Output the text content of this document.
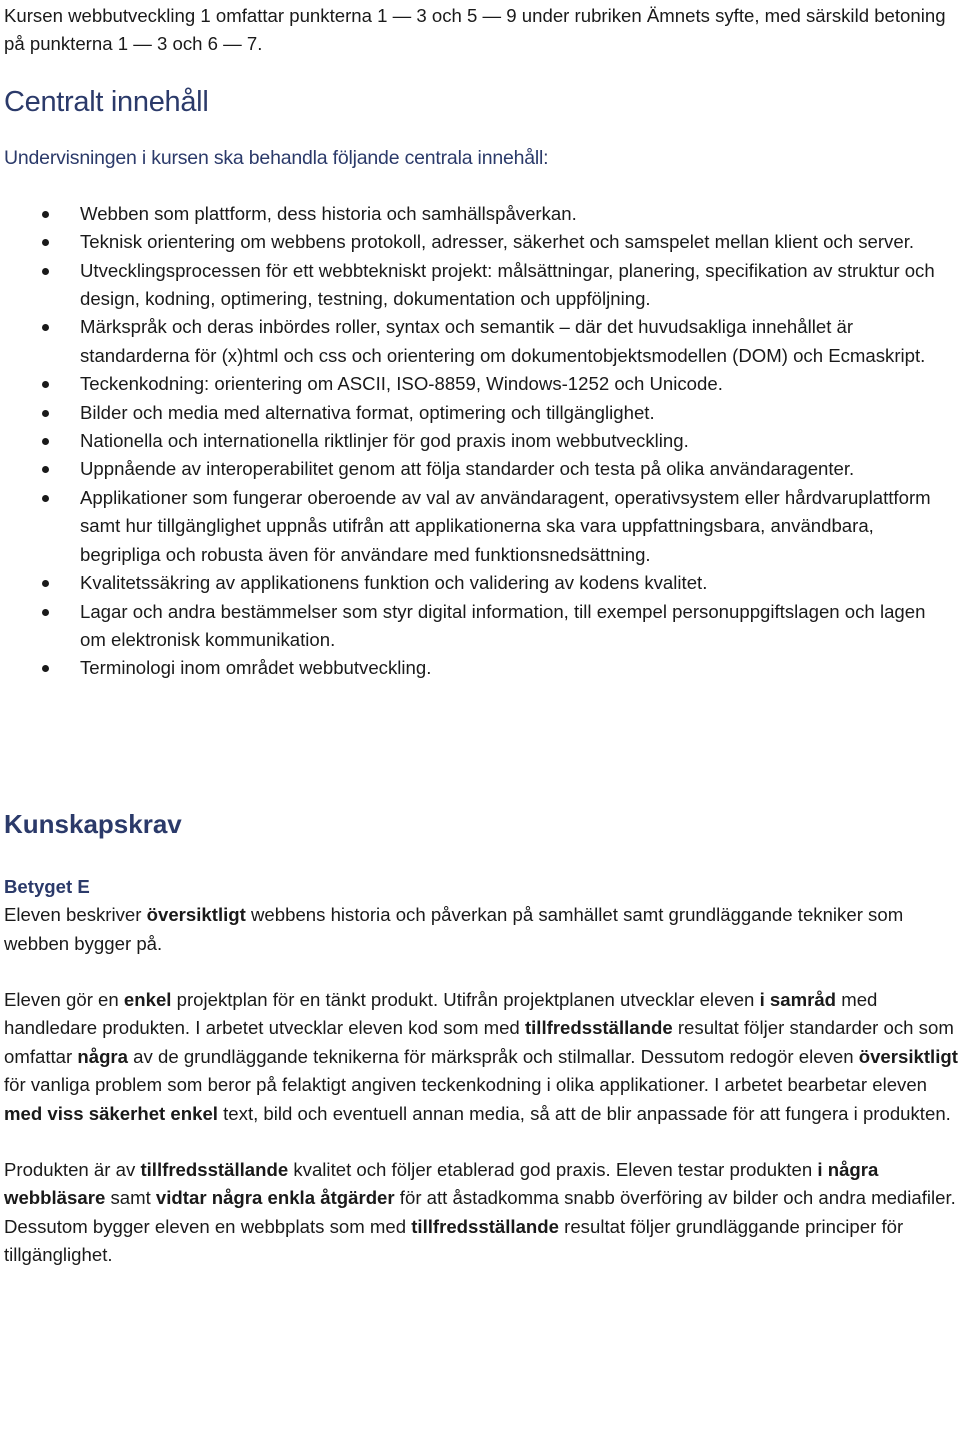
Kursen webbutveckling 1 omfattar punkterna 1 — 3 och 5 — 9 under rubriken Ämnets syfte, med särskild betoning på punkterna 1 — 3 och 6 — 7.

Centralt innehåll

Undervisningen i kursen ska behandla följande centrala innehåll:

Webben som plattform, dess historia och samhällspåverkan.
Teknisk orientering om webbens protokoll, adresser, säkerhet och samspelet mellan klient och server.
Utvecklingsprocessen för ett webbtekniskt projekt: målsättningar, planering, specifikation av struktur och design, kodning, optimering, testning, dokumentation och uppföljning.
Märkspråk och deras inbördes roller, syntax och semantik – där det huvudsakliga innehållet är standarderna för (x)html och css och orientering om dokumentobjektsmodellen (DOM) och Ecmaskript.
Teckenkodning: orientering om ASCII, ISO-8859, Windows-1252 och Unicode.
Bilder och media med alternativa format, optimering och tillgänglighet.
Nationella och internationella riktlinjer för god praxis inom webbutveckling.
Uppnående av interoperabilitet genom att följa standarder och testa på olika användaragenter.
Applikationer som fungerar oberoende av val av användaragent, operativsystem eller hårdvaruplattform samt hur tillgänglighet uppnås utifrån att applikationerna ska vara uppfattningsbara, användbara, begripliga och robusta även för användare med funktionsnedsättning.
Kvalitetssäkring av applikationens funktion och validering av kodens kvalitet.
Lagar och andra bestämmelser som styr digital information, till exempel personuppgiftslagen och lagen om elektronisk kommunikation.
Terminologi inom området webbutveckling.
Kunskapskrav

Betyget E

Eleven beskriver översiktligt webbens historia och påverkan på samhället samt grundläggande tekniker som webben bygger på.

Eleven gör en enkel projektplan för en tänkt produkt. Utifrån projektplanen utvecklar eleven i samråd med handledare produkten. I arbetet utvecklar eleven kod som med tillfredsställande resultat följer standarder och som omfattar några av de grundläggande teknikerna för märkspråk och stilmallar. Dessutom redogör eleven översiktligt för vanliga problem som beror på felaktigt angiven teckenkodning i olika applikationer. I arbetet bearbetar eleven med viss säkerhet enkel text, bild och eventuell annan media, så att de blir anpassade för att fungera i produkten.

Produkten är av tillfredsställande kvalitet och följer etablerad god praxis. Eleven testar produkten i några webbläsare samt vidtar några enkla åtgärder för att åstadkomma snabb överföring av bilder och andra mediafiler. Dessutom bygger eleven en webbplats som med tillfredsställande resultat följer grundläggande principer för tillgänglighet.
